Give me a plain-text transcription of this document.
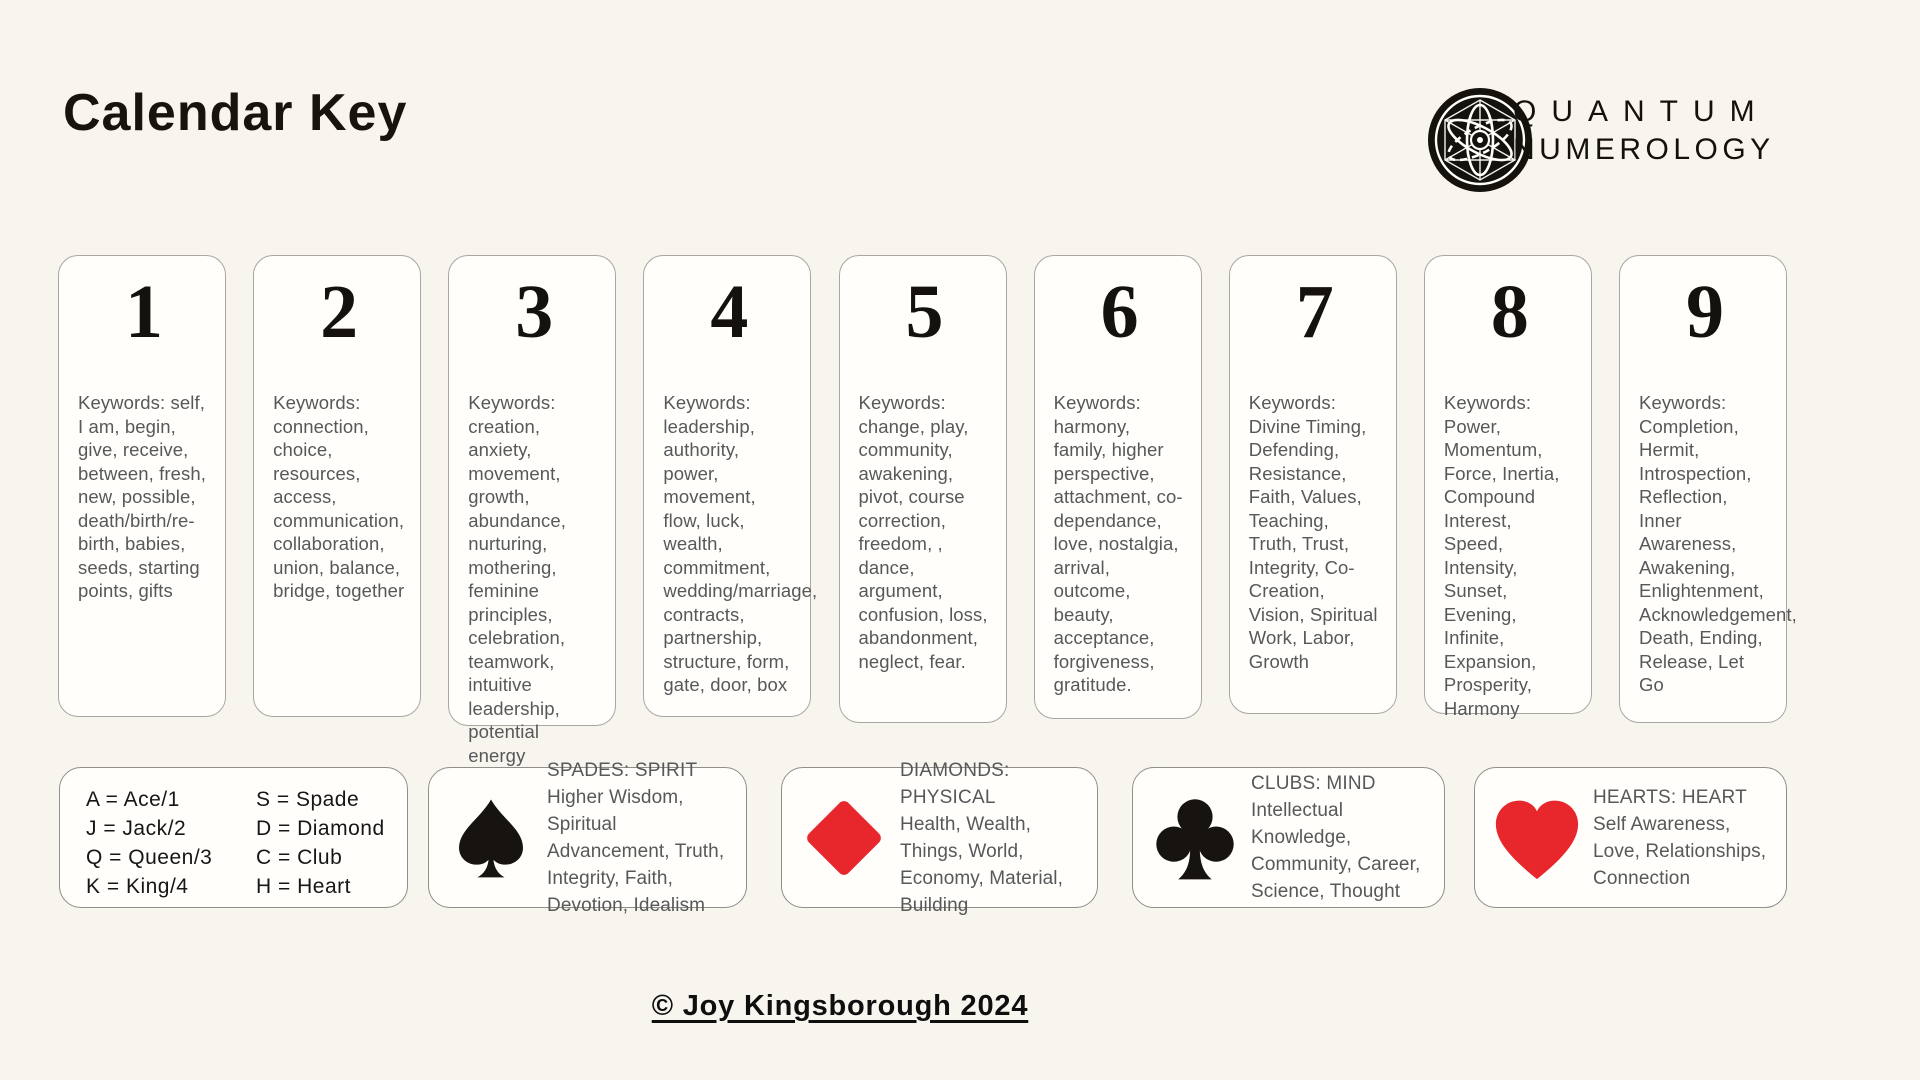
Calendar Key	QUANTUM
NUMEROLOGY
1
Keywords: self, I am, begin, give, receive, between, fresh, new, possible, death/birth/re-birth, babies, seeds, starting points, gifts
2
Keywords: connection, choice, resources, access, communication, collaboration, union, balance, bridge, together
3
Keywords: creation, anxiety, movement, growth, abundance, nurturing, mothering, feminine principles, celebration, teamwork, intuitive leadership, potential energy
4
Keywords: leadership, authority, power, movement, flow, luck, wealth, commitment, wedding/marriage, contracts, partnership, structure, form, gate, door, box
5
Keywords: change, play, community, awakening, pivot, course correction, freedom, , dance, argument, confusion, loss, abandonment, neglect, fear.
6
Keywords: harmony, family, higher perspective, attachment, co-dependance, love, nostalgia, arrival, outcome, beauty, acceptance, forgiveness, gratitude.
7
Keywords: Divine Timing, Defending, Resistance, Faith, Values, Teaching, Truth, Trust, Integrity, Co-Creation, Vision, Spiritual Work, Labor, Growth
8
Keywords: Power, Momentum, Force, Inertia, Compound Interest, Speed, Intensity, Sunset, Evening, Infinite, Expansion, Prosperity, Harmony
9
Keywords: Completion, Hermit, Introspection, Reflection, Inner Awareness, Awakening, Enlightenment, Acknowledgement, Death, Ending, Release, Let Go
A = Ace/1
J = Jack/2
Q = Queen/3
K = King/4
S = Spade
D = Diamond
C = Club
H = Heart
SPADES: SPIRIT
Higher Wisdom, Spiritual Advancement, Truth, Integrity, Faith, Devotion, Idealism
DIAMONDS: PHYSICAL
Health, Wealth, Things, World, Economy, Material, Building
CLUBS: MIND
Intellectual Knowledge, Community, Career, Science, Thought
HEARTS: HEART
Self Awareness, Love, Relationships, Connection
© Joy Kingsborough 2024
